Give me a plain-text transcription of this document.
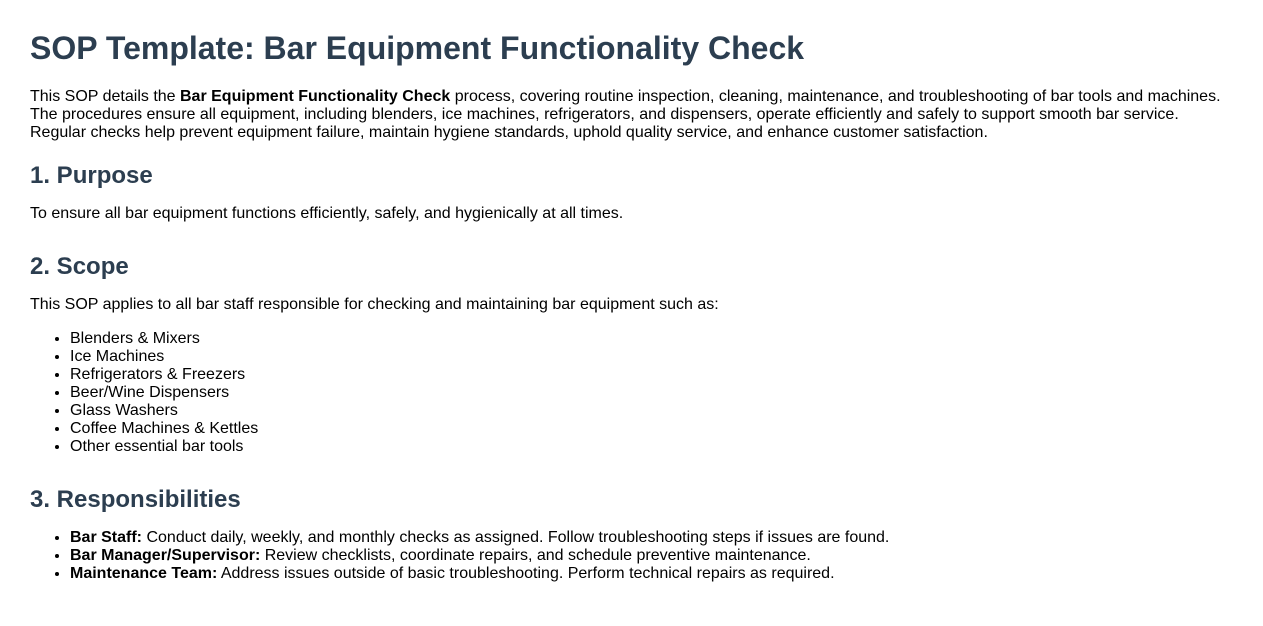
SOP Template: Bar Equipment Functionality Check

This SOP details the Bar Equipment Functionality Check process, covering routine inspection, cleaning, maintenance, and troubleshooting of bar tools and machines. The procedures ensure all equipment, including blenders, ice machines, refrigerators, and dispensers, operate efficiently and safely to support smooth bar service. Regular checks help prevent equipment failure, maintain hygiene standards, uphold quality service, and enhance customer satisfaction.

1. Purpose

To ensure all bar equipment functions efficiently, safely, and hygienically at all times.

2. Scope

This SOP applies to all bar staff responsible for checking and maintaining bar equipment such as:

• Blenders & Mixers
• Ice Machines
• Refrigerators & Freezers
• Beer/Wine Dispensers
• Glass Washers
• Coffee Machines & Kettles
• Other essential bar tools
3. Responsibilities
• Bar Staff: Conduct daily, weekly, and monthly checks as assigned. Follow troubleshooting steps if issues are found.
• Bar Manager/Supervisor: Review checklists, coordinate repairs, and schedule preventive maintenance.
• Maintenance Team: Address issues outside of basic troubleshooting. Perform technical repairs as required.
